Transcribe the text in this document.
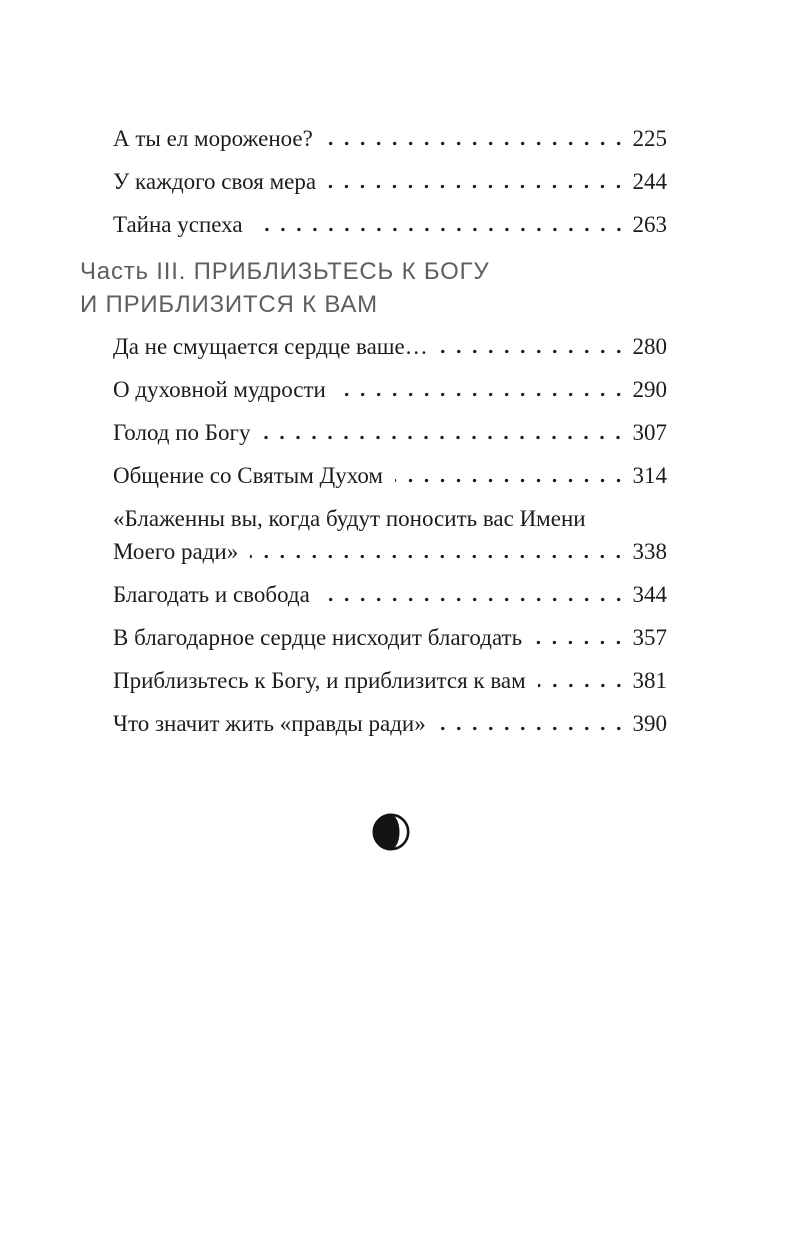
А ты ел мороженое?	225
У каждого своя мера	244
Тайна успеха	263
Часть III. ПРИБЛИЗЬТЕСЬ К БОГУ
И ПРИБЛИЗИТСЯ К ВАМ
Да не смущается сердце ваше…	280
О духовной мудрости	290
Голод по Богу	307
Общение со Святым Духом	314
«Блаженны вы, когда будут поносить вас Имени
Моего ради»	338
Благодать и свобода	344
В благодарное сердце нисходит благодать	357
Приблизьтесь к Богу, и приблизится к вам	381
Что значит жить «правды ради»	390
